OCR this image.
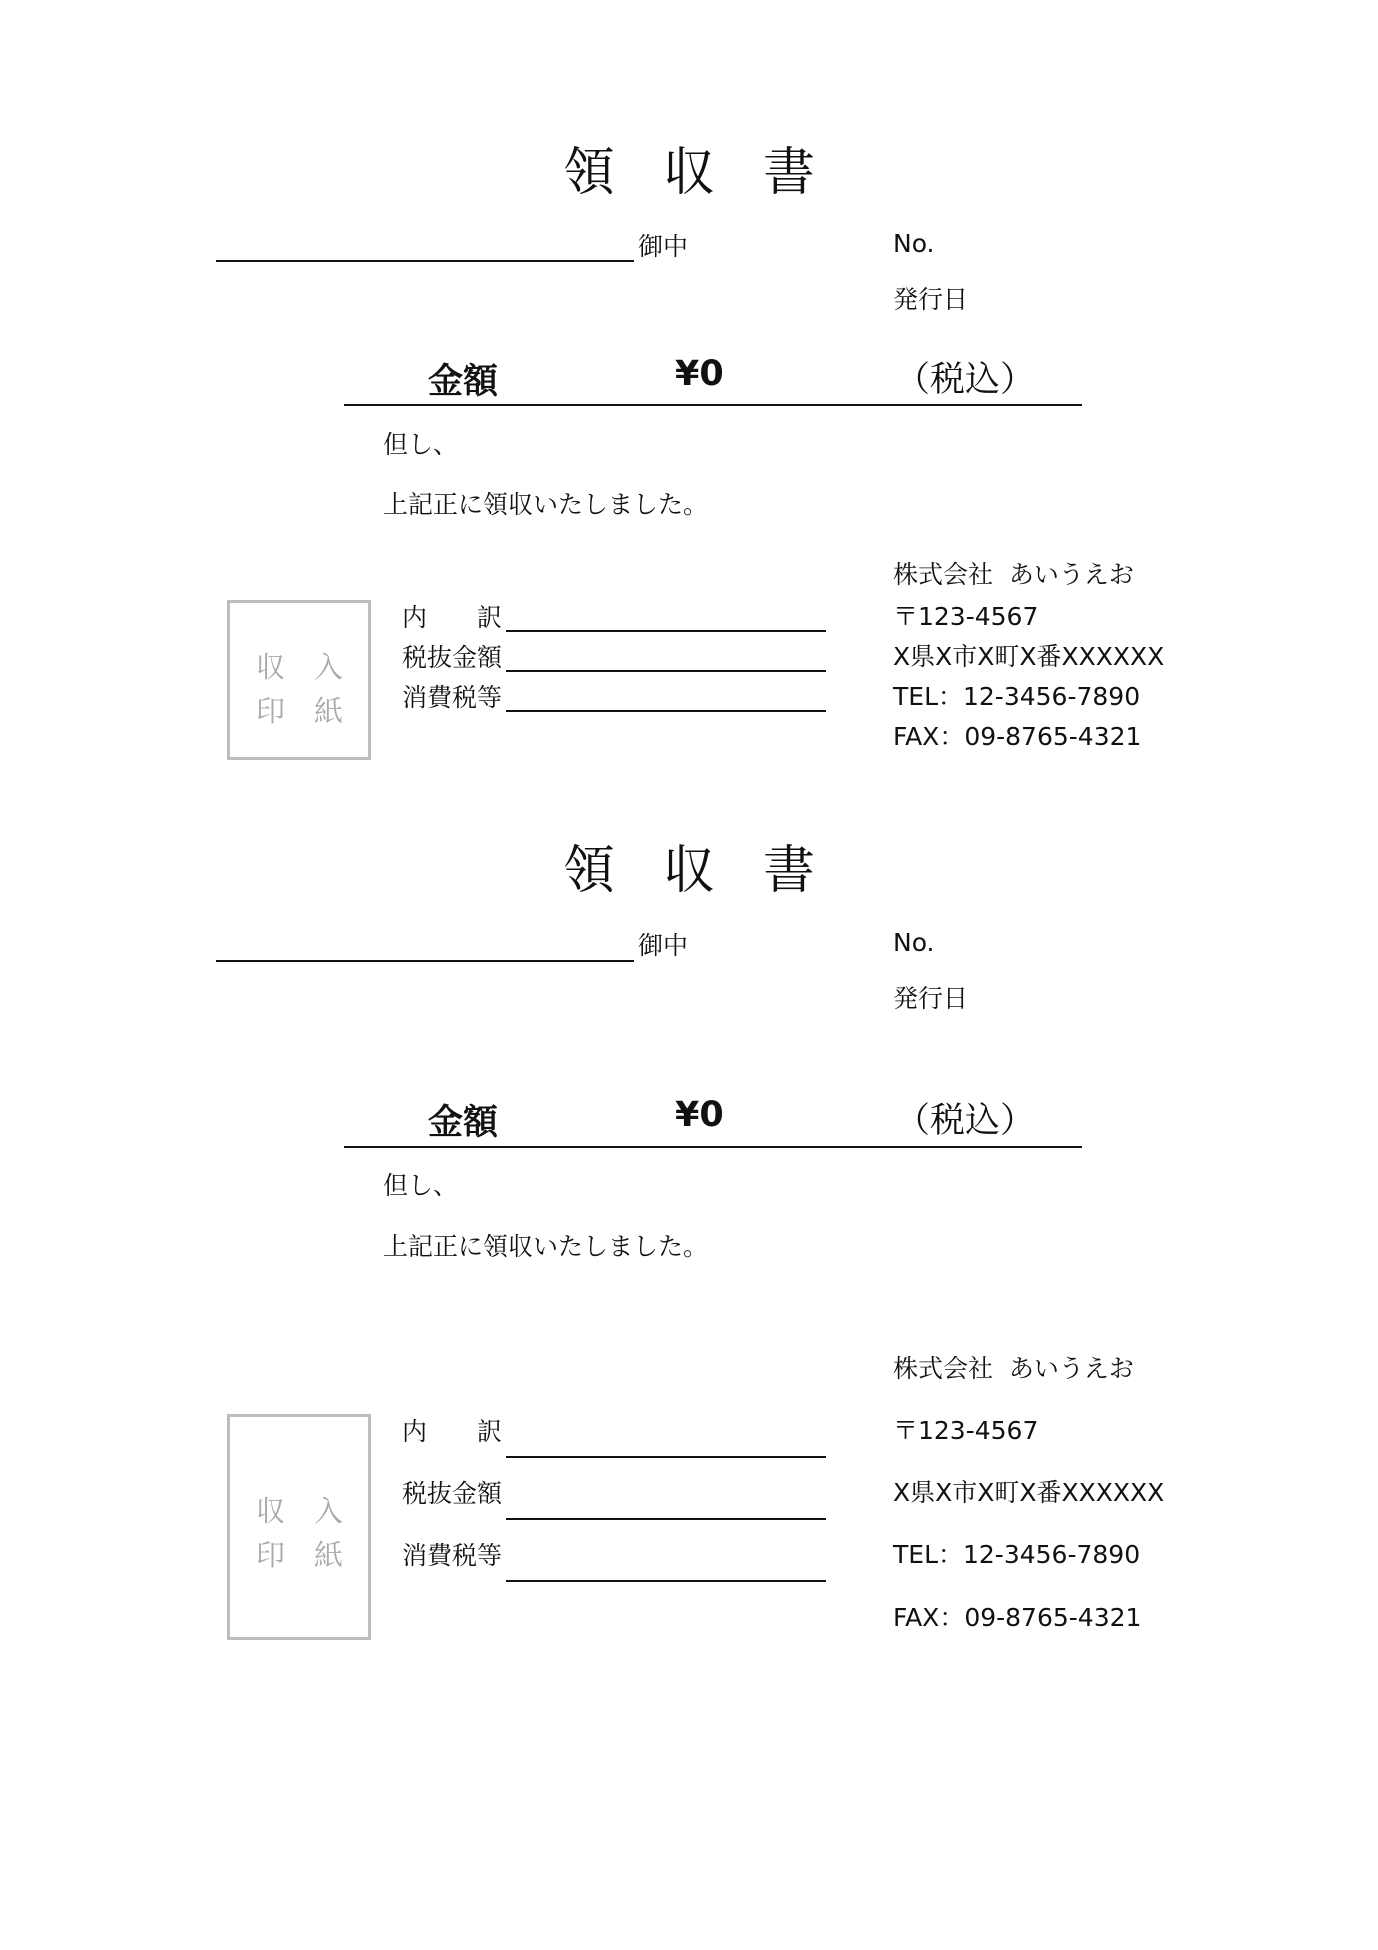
領 収 書
御中	No.
発行日
金額	¥0	（税込）
但し、
上記正に領収いたしました。
収　入
印　紙
内　　訳
税抜金額
消費税等
株式会社  あいうえお
〒123-4567
X県X市X町X番XXXXXX
TEL：12-3456-7890
FAX：09-8765-4321
領 収 書
御中	No.
発行日
金額	¥0	（税込）
但し、
上記正に領収いたしました。
収　入
印　紙
内　　訳
税抜金額
消費税等
株式会社  あいうえお
〒123-4567
X県X市X町X番XXXXXX
TEL：12-3456-7890
FAX：09-8765-4321
